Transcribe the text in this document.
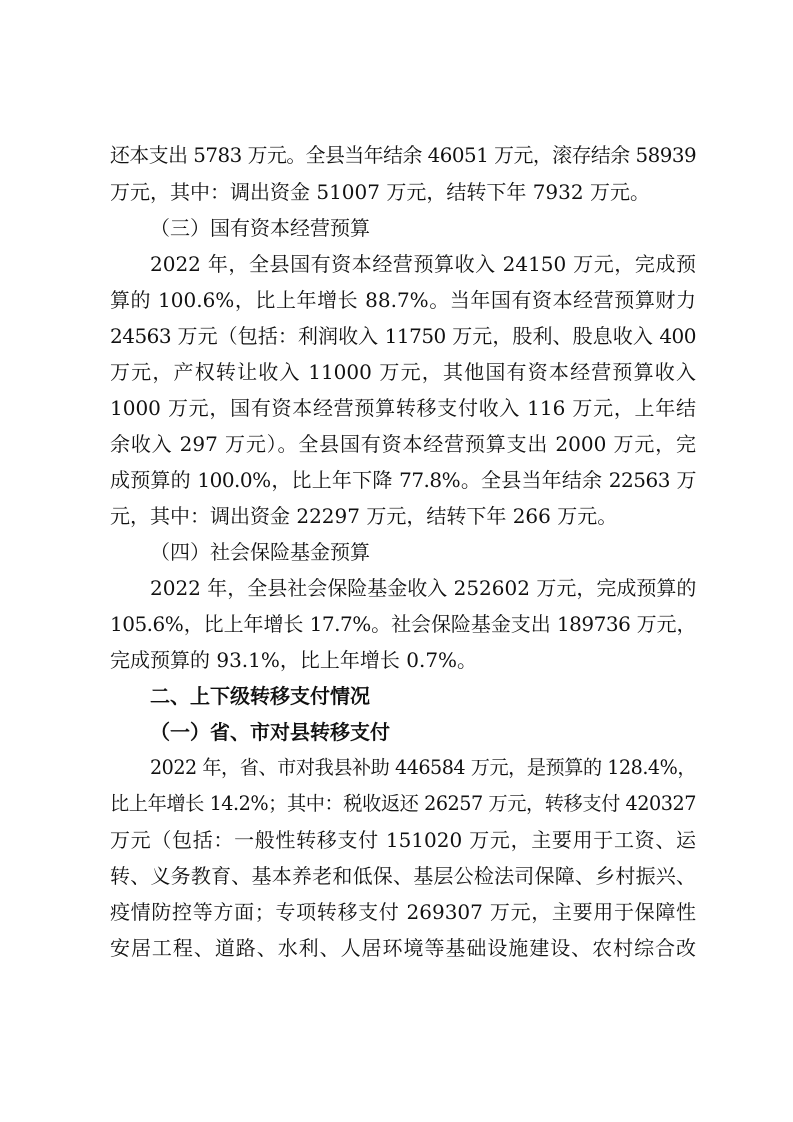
还本支出 5783 万元。全县当年结余 46051 万元，滚存结余 58939
万元，其中：调出资金 51007 万元，结转下年 7932 万元。
（三）国有资本经营预算
2022 年，全县国有资本经营预算收入 24150 万元，完成预
算的 100.6%，比上年增长 88.7%。当年国有资本经营预算财力
24563 万元（包括：利润收入 11750 万元，股利、股息收入 400
万元，产权转让收入 11000 万元，其他国有资本经营预算收入
1000 万元，国有资本经营预算转移支付收入 116 万元，上年结
余收入 297 万元）。全县国有资本经营预算支出 2000 万元，完
成预算的 100.0%，比上年下降 77.8%。全县当年结余 22563 万
元，其中：调出资金 22297 万元，结转下年 266 万元。
（四）社会保险基金预算
2022 年，全县社会保险基金收入 252602 万元，完成预算的
105.6%，比上年增长 17.7%。社会保险基金支出 189736 万元，
完成预算的 93.1%，比上年增长 0.7%。
二、上下级转移支付情况
（一）省、市对县转移支付
2022 年，省、市对我县补助 446584 万元，是预算的 128.4%，
比上年增长 14.2%；其中：税收返还 26257 万元，转移支付 420327
万元（包括：一般性转移支付 151020 万元，主要用于工资、运
转、义务教育、基本养老和低保、基层公检法司保障、乡村振兴、
疫情防控等方面；专项转移支付 269307 万元，主要用于保障性
安居工程、道路、水利、人居环境等基础设施建设、农村综合改
